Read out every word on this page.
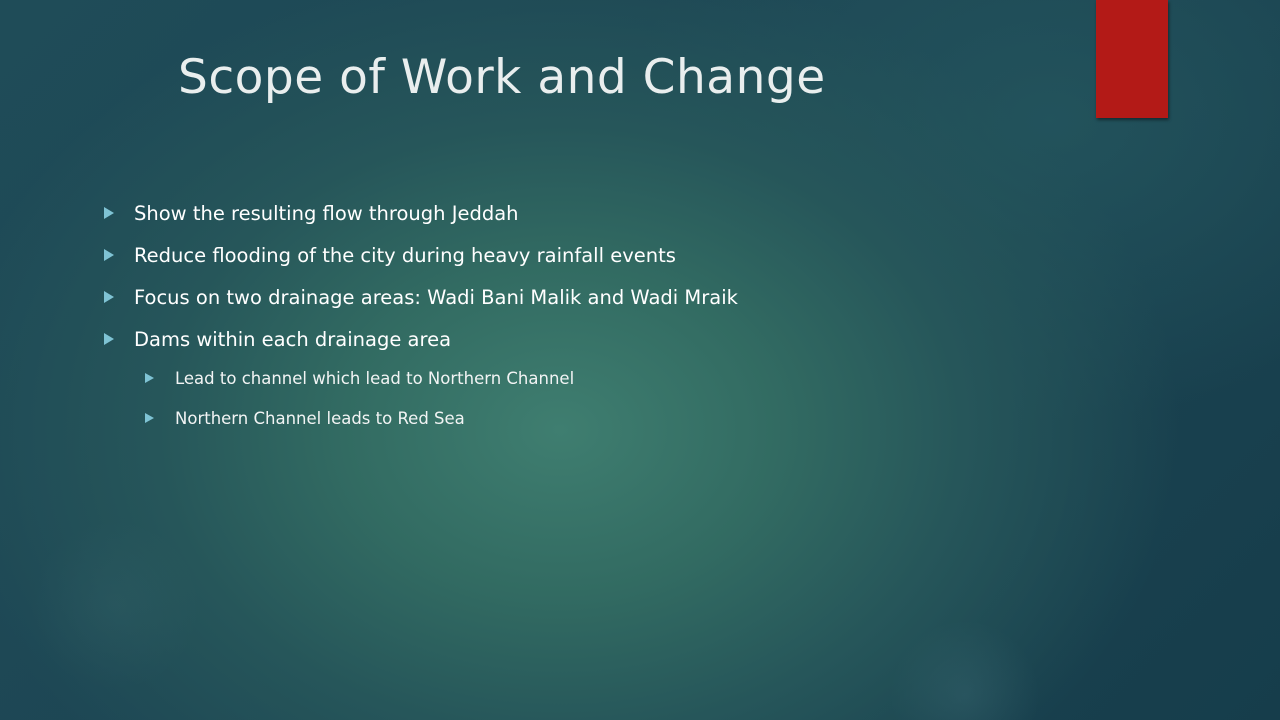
Scope of Work and Change
Show the resulting flow through Jeddah
Reduce flooding of the city during heavy rainfall events
Focus on two drainage areas: Wadi Bani Malik and Wadi Mraik
Dams within each drainage area
Lead to channel which lead to Northern Channel
Northern Channel leads to Red Sea
